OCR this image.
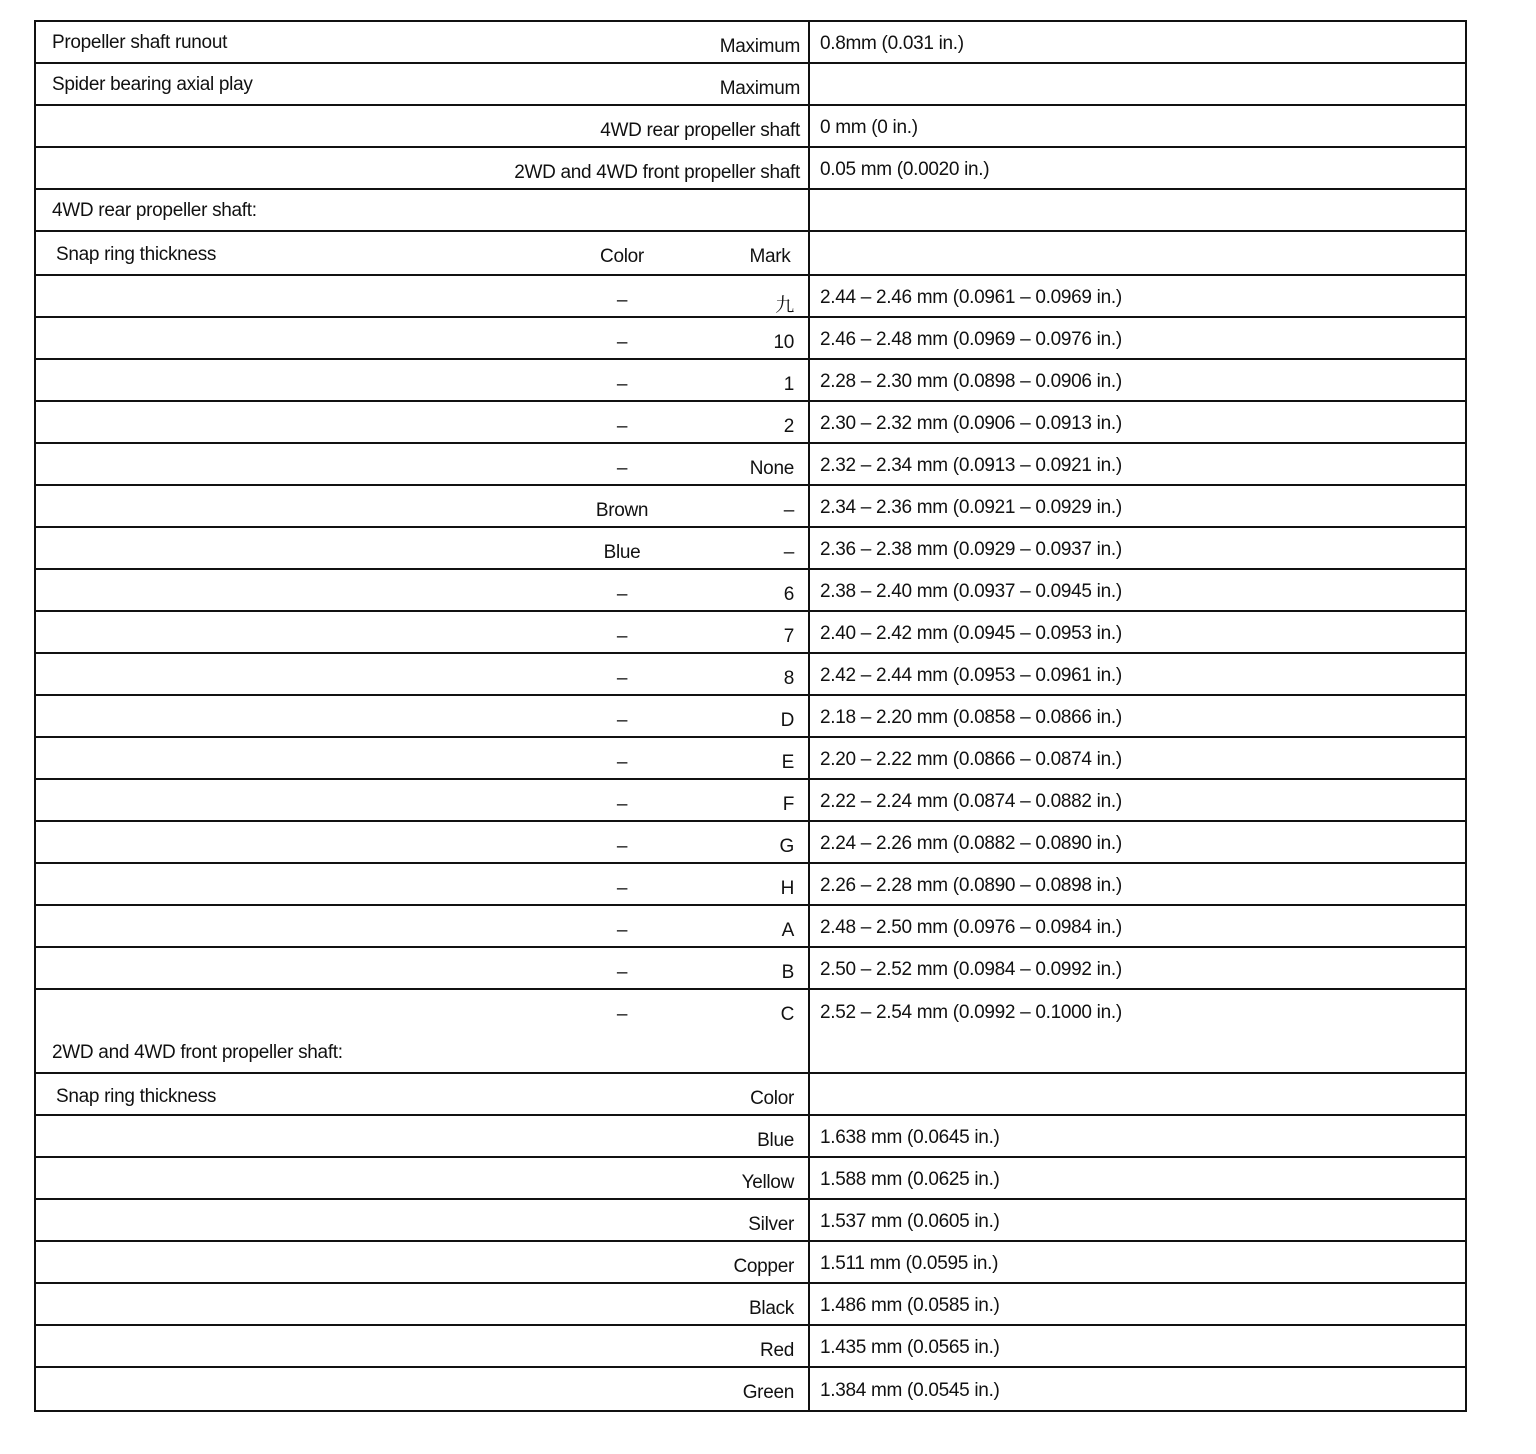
Propeller shaft runout	Maximum	0.8mm (0.031 in.)
Spider bearing axial play	Maximum
4WD rear propeller shaft	0 mm (0 in.)
2WD and 4WD front propeller shaft	0.05 mm (0.0020 in.)
4WD rear propeller shaft:
Snap ring thickness	Color	Mark
–	九	2.44 – 2.46 mm (0.0961 – 0.0969 in.)
–	10	2.46 – 2.48 mm (0.0969 – 0.0976 in.)
–	1	2.28 – 2.30 mm (0.0898 – 0.0906 in.)
–	2	2.30 – 2.32 mm (0.0906 – 0.0913 in.)
–	None	2.32 – 2.34 mm (0.0913 – 0.0921 in.)
Brown	–	2.34 – 2.36 mm (0.0921 – 0.0929 in.)
Blue	–	2.36 – 2.38 mm (0.0929 – 0.0937 in.)
–	6	2.38 – 2.40 mm (0.0937 – 0.0945 in.)
–	7	2.40 – 2.42 mm (0.0945 – 0.0953 in.)
–	8	2.42 – 2.44 mm (0.0953 – 0.0961 in.)
–	D	2.18 – 2.20 mm (0.0858 – 0.0866 in.)
–	E	2.20 – 2.22 mm (0.0866 – 0.0874 in.)
–	F	2.22 – 2.24 mm (0.0874 – 0.0882 in.)
–	G	2.24 – 2.26 mm (0.0882 – 0.0890 in.)
–	H	2.26 – 2.28 mm (0.0890 – 0.0898 in.)
–	A	2.48 – 2.50 mm (0.0976 – 0.0984 in.)
–	B	2.50 – 2.52 mm (0.0984 – 0.0992 in.)
–	C	2.52 – 2.54 mm (0.0992 – 0.1000 in.)
2WD and 4WD front propeller shaft:
Snap ring thickness	Color
Blue	1.638 mm (0.0645 in.)
Yellow	1.588 mm (0.0625 in.)
Silver	1.537 mm (0.0605 in.)
Copper	1.511 mm (0.0595 in.)
Black	1.486 mm (0.0585 in.)
Red	1.435 mm (0.0565 in.)
Green	1.384 mm (0.0545 in.)
